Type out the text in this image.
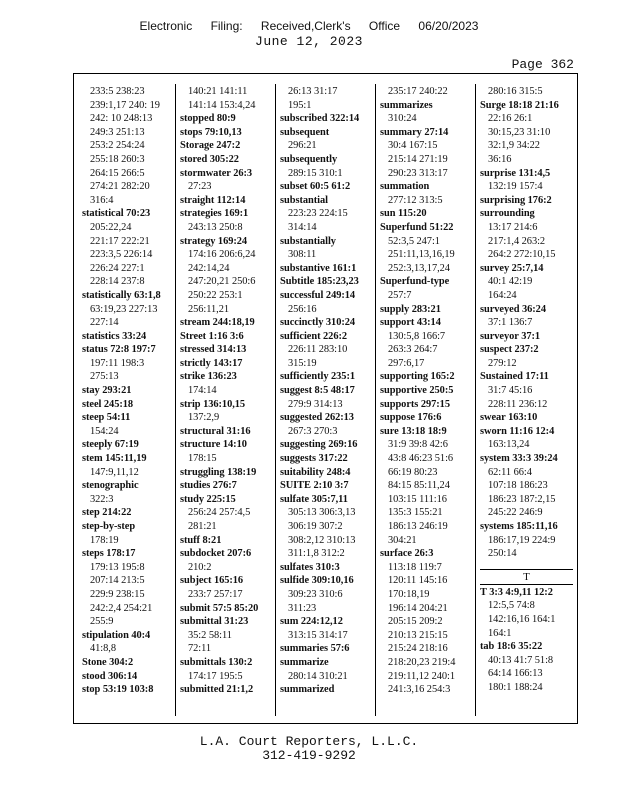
Electronic Filing: Received,Clerk's Office 06/20/2023
June 12, 2023
Page 362
233:5 238:23
239:1,17 240: 19
242: 10 248:13
249:3 251:13
253:2 254:24
255:18 260:3
264:15 266:5
274:21 282:20
316:4
statistical 70:23
205:22,24
221:17 222:21
223:3,5 226:14
226:24 227:1
228:14 237:8
statistically 63:1,8
63:19,23 227:13
227:14
statistics 33:24
status 72:8 197:7
197:11 198:3
275:13
stay 293:21
steel 245:18
steep 54:11
154:24
steeply 67:19
stem 145:11,19
147:9,11,12
stenographic
322:3
step 214:22
step-by-step
178:19
steps 178:17
179:13 195:8
207:14 213:5
229:9 238:15
242:2,4 254:21
255:9
stipulation 40:4
41:8,8
Stone 304:2
stood 306:14
stop 53:19 103:8
140:21 141:11
141:14 153:4,24
stopped 80:9
stops 79:10,13
Storage 247:2
stored 305:22
stormwater 26:3
27:23
straight 112:14
strategies 169:1
243:13 250:8
strategy 169:24
174:16 206:6,24
242:14,24
247:20,21 250:6
250:22 253:1
256:11,21
stream 244:18,19
Street 1:16 3:6
stressed 314:13
strictly 143:17
strike 136:23
174:14
strip 136:10,15
137:2,9
structural 31:16
structure 14:10
178:15
struggling 138:19
studies 276:7
study 225:15
256:24 257:4,5
281:21
stuff 8:21
subdocket 207:6
210:2
subject 165:16
233:7 257:17
submit 57:5 85:20
submittal 31:23
35:2 58:11
72:11
submittals 130:2
174:17 195:5
submitted 21:1,2
26:13 31:17
195:1
subscribed 322:14
subsequent
296:21
subsequently
289:15 310:1
subset 60:5 61:2
substantial
223:23 224:15
314:14
substantially
308:11
substantive 161:1
Subtitle 185:23,23
successful 249:14
256:16
succinctly 310:24
sufficient 226:2
226:11 283:10
315:19
sufficiently 235:1
suggest 8:5 48:17
279:9 314:13
suggested 262:13
267:3 270:3
suggesting 269:16
suggests 317:22
suitability 248:4
SUITE 2:10 3:7
sulfate 305:7,11
305:13 306:3,13
306:19 307:2
308:2,12 310:13
311:1,8 312:2
sulfates 310:3
sulfide 309:10,16
309:23 310:6
311:23
sum 224:12,12
313:15 314:17
summaries 57:6
summarize
280:14 310:21
summarized
235:17 240:22
summarizes
310:24
summary 27:14
30:4 167:15
215:14 271:19
290:23 313:17
summation
277:12 313:5
sun 115:20
Superfund 51:22
52:3,5 247:1
251:11,13,16,19
252:3,13,17,24
Superfund-type
257:7
supply 283:21
support 43:14
130:5,8 166:7
263:3 264:7
297:6,17
supporting 165:2
supportive 250:5
supports 297:15
suppose 176:6
sure 13:18 18:9
31:9 39:8 42:6
43:8 46:23 51:6
66:19 80:23
84:15 85:11,24
103:15 111:16
135:3 155:21
186:13 246:19
304:21
surface 26:3
113:18 119:7
120:11 145:16
170:18,19
196:14 204:21
205:15 209:2
210:13 215:15
215:24 218:16
218:20,23 219:4
219:11,12 240:1
241:3,16 254:3
280:16 315:5
Surge 18:18 21:16
22:16 26:1
30:15,23 31:10
32:1,9 34:22
36:16
surprise 131:4,5
132:19 157:4
surprising 176:2
surrounding
13:17 214:6
217:1,4 263:2
264:2 272:10,15
survey 25:7,14
40:1 42:19
164:24
surveyed 36:24
37:1 136:7
surveyor 37:1
suspect 237:2
279:12
Sustained 17:11
31:7 45:16
228:11 236:12
swear 163:10
sworn 11:16 12:4
163:13,24
system 33:3 39:24
62:11 66:4
107:18 186:23
186:23 187:2,15
245:22 246:9
systems 185:11,16
186:17,19 224:9
250:14
T
T 3:3 4:9,11 12:2
12:5,5 74:8
142:16,16 164:1
164:1
tab 18:6 35:22
40:13 41:7 51:8
64:14 166:13
180:1 188:24
L.A. Court Reporters, L.L.C.
312-419-9292
